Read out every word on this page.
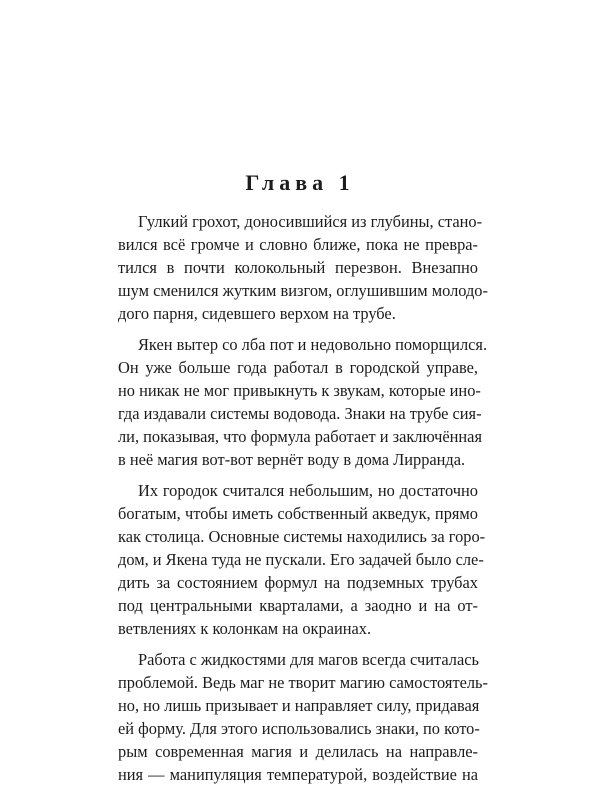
Глава 1
Гулкий грохот, доносившийся из глубины, стано-
вился всё громче и словно ближе, пока не превра-
тился в почти колокольный перезвон. Внезапно
шум сменился жутким визгом, оглушившим молодо-
дого парня, сидевшего верхом на трубе.
Якен вытер со лба пот и недовольно поморщился.
Он уже больше года работал в городской управе,
но никак не мог привыкнуть к звукам, которые ино-
гда издавали системы водовода. Знаки на трубе сия-
ли, показывая, что формула работает и заключённая
в неё магия вот-вот вернёт воду в дома Лирранда.
Их городок считался небольшим, но достаточно
богатым, чтобы иметь собственный акведук, прямо
как столица. Основные системы находились за горо-
дом, и Якена туда не пускали. Его задачей было сле-
дить за состоянием формул на подземных трубах
под центральными кварталами, а заодно и на от-
ветвлениях к колонкам на окраинах.
Работа с жидкостями для магов всегда считалась
проблемой. Ведь маг не творит магию самостоятель-
но, но лишь призывает и направляет силу, придавая
ей форму. Для этого использовались знаки, по кото-
рым современная магия и делилась на направле-
ния — манипуляция температурой, воздействие на
